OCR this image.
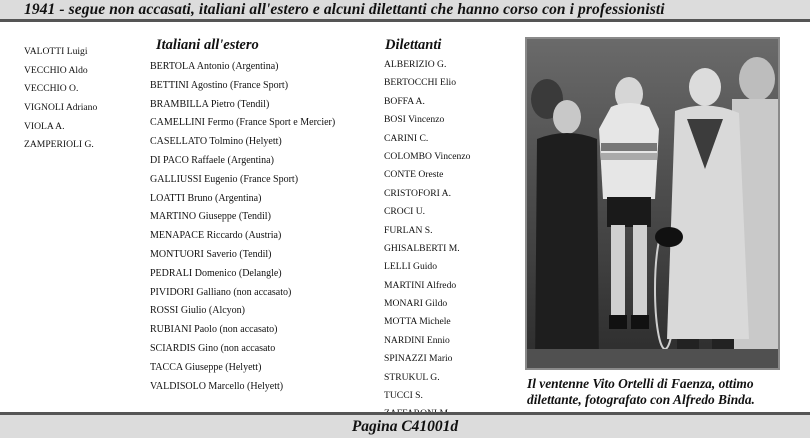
1941 - segue non accasati, italiani all'estero e alcuni dilettanti che hanno corso con i professionisti
VALOTTI Luigi
VECCHIO Aldo
VECCHIO O.
VIGNOLI Adriano
VIOLA A.
ZAMPERIOLI G.
Italiani all'estero
BERTOLA Antonio (Argentina)
BETTINI Agostino (France Sport)
BRAMBILLA Pietro (Tendil)
CAMELLINI Fermo (France Sport e Mercier)
CASELLATO Tolmino (Helyett)
DI PACO Raffaele (Argentina)
GALLIUSSI Eugenio (France Sport)
LOATTI Bruno (Argentina)
MARTINO Giuseppe (Tendil)
MENAPACE Riccardo (Austria)
MONTUORI Saverio (Tendil)
PEDRALI Domenico (Delangle)
PIVIDORI Galliano (non accasato)
ROSSI Giulio (Alcyon)
RUBIANI Paolo (non accasato)
SCIARDIS Gino (non accasato
TACCA Giuseppe (Helyett)
VALDISOLO Marcello (Helyett)
Dilettanti
ALBERIZIO G.
BERTOCCHI Elio
BOFFA A.
BOSI Vincenzo
CARINI C.
COLOMBO Vincenzo
CONTE Oreste
CRISTOFORI A.
CROCI U.
FURLAN S.
GHISALBERTI M.
LELLI Guido
MARTINI Alfredo
MONARI Gildo
MOTTA Michele
NARDINI Ennio
SPINAZZI Mario
STRUKUL G.
TUCCI S.
Il ventenne Vito Ortelli di Faenza, ottimo dilettante, fotografato con Alfredo Binda.
Pagina C41001d
